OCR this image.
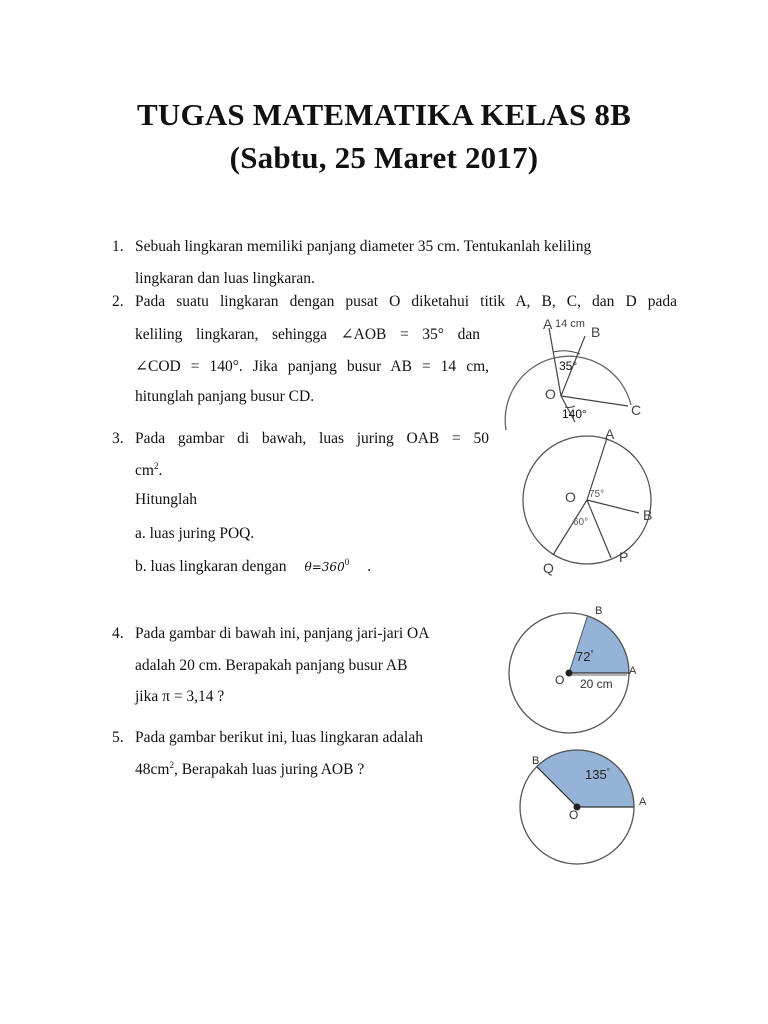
TUGAS MATEMATIKA KELAS 8B
(Sabtu, 25 Maret 2017)
1. Sebuah lingkaran memiliki panjang diameter 35 cm. Tentukanlah keliling
lingkaran dan luas lingkaran.
2. Pada suatu lingkaran dengan pusat O diketahui titik A, B, C, dan D pada
keliling lingkaran, sehingga ∠AOB = 35° dan
∠COD = 140°. Jika panjang busur AB = 14 cm,
hitunglah panjang busur CD.
3. Pada gambar di bawah, luas juring OAB = 50
$cm^2$.
Hitunglah
a. luas juring POQ.
b. luas lingkaran dengan $\theta=360^0$ .
4. Pada gambar di bawah ini, panjang jari-jari OA
adalah 20 cm. Berapakah panjang busur AB
jika π = 3,14 ?
5. Pada gambar berikut ini, luas lingkaran adalah
$48cm^2$, Berapakah luas juring AOB ?
A 14 cm B
35°
O
140°	C
A
O 75°
60°	B
P
Q
B
72°
O 20 cm
A
B
135°
O
A
